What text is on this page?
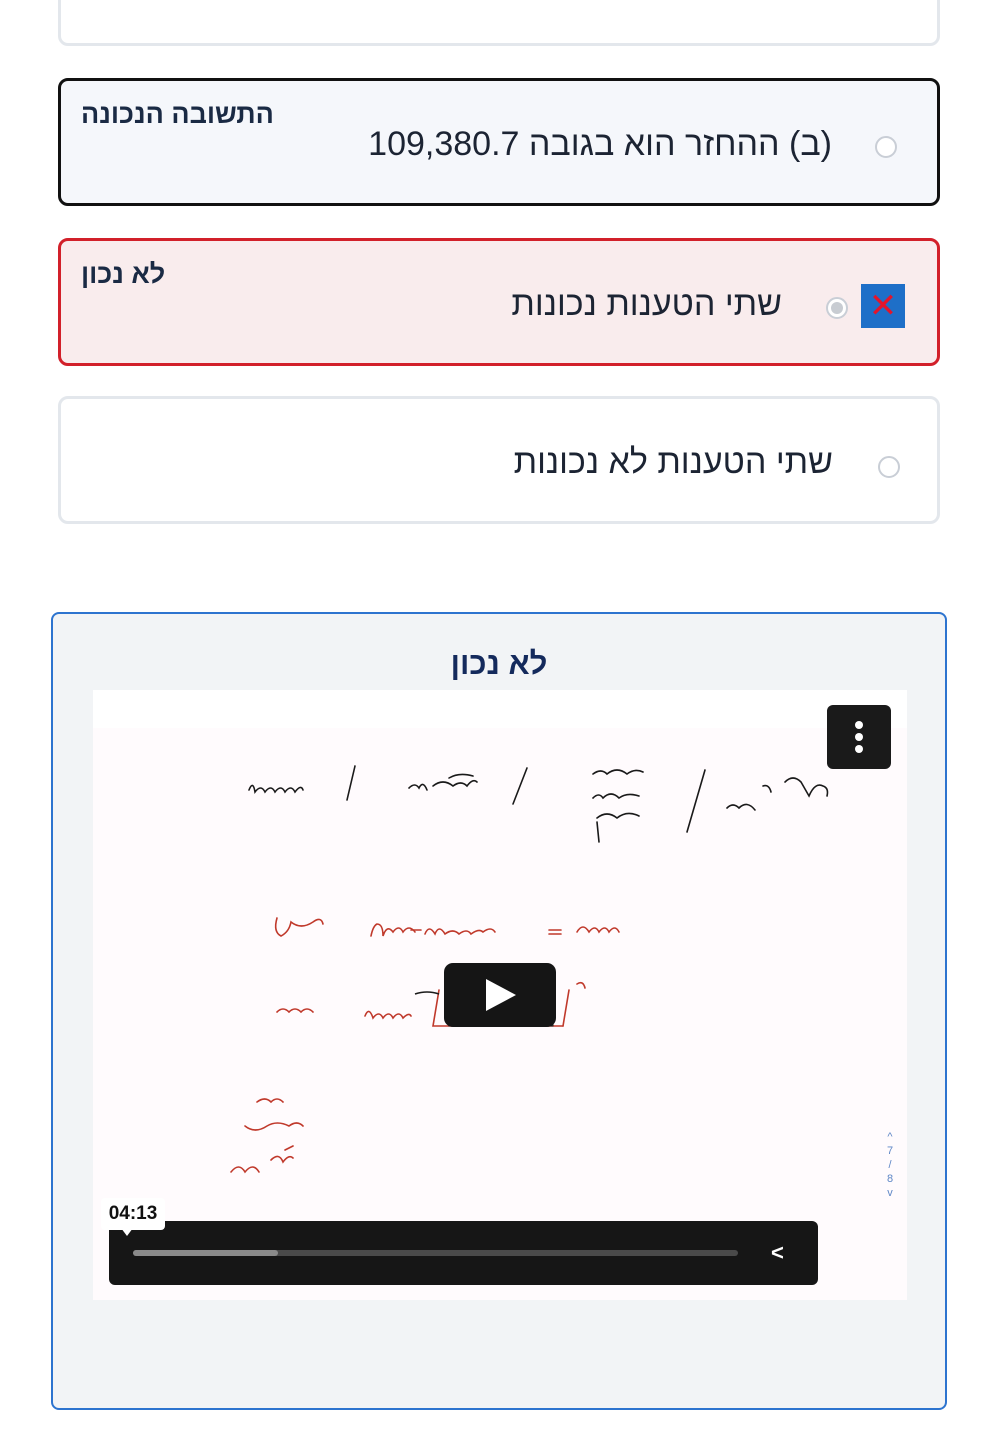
התשובה הנכונה
(ב) ההחזר הוא בגובה 109,380.7
לא נכון
שתי הטענות נכונות	✕
שתי הטענות לא נכונות
לא נכון
^
7
/
8
v
<
04:13
